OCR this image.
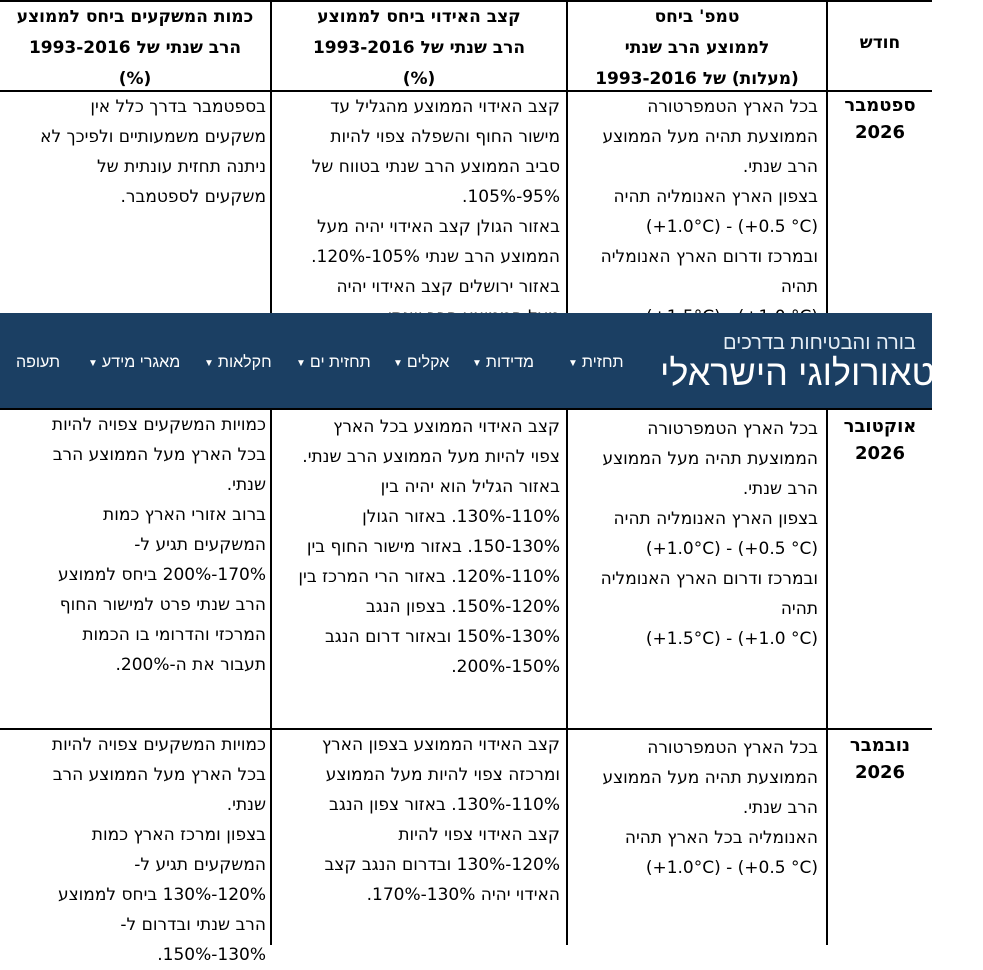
חודש
טמפ' ביחס
לממוצע הרב שנתי
(מעלות) של 1993-2016
קצב האידוי ביחס לממוצע
הרב שנתי של 1993-2016
(%)
כמות המשקעים ביחס לממוצע
הרב שנתי של 1993-2016
(%)
ספטמבר
2026

בכל הארץ הטמפרטורה

הממוצעת תהיה מעל הממוצע

הרב שנתי.

בצפון הארץ האנומליה תהיה

(+1.0°C) - (+0.5 °C)

ובמרכז ודרום הארץ האנומליה

תהיה

קצב האידוי הממוצע מהגליל עד

מישור החוף והשפלה צפוי להיות

סביב הממוצע הרב שנתי בטווח של

95%-105%.

באזור הגולן קצב האידוי יהיה מעל

הממוצע הרב שנתי 105%-120%.

באזור ירושלים קצב האידוי יהיה

בספטמבר בדרך כלל אין

משקעים משמעותיים ולפיכך לא

ניתנה תחזית עונתית של

משקעים לספטמבר.

אוקטובר
2026

בכל הארץ הטמפרטורה

הממוצעת תהיה מעל הממוצע

הרב שנתי.

בצפון הארץ האנומליה תהיה

(+1.0°C) - (+0.5 °C)

ובמרכז ודרום הארץ האנומליה

תהיה

(+1.5°C) - (+1.0 °C)

קצב האידוי הממוצע בכל הארץ

צפוי להיות מעל הממוצע הרב שנתי.

באזור הגליל הוא יהיה בין

110%-130%. באזור הגולן

130%-150. באזור מישור החוף בין

110%-120%. באזור הרי המרכז בין

120%-150%. בצפון הנגב

130%-150% ובאזור דרום הנגב

150%-200%.

כמויות המשקעים צפויה להיות

בכל הארץ מעל הממוצע הרב

שנתי.

ברוב אזורי הארץ כמות

המשקעים תגיע ל-

170%-200% ביחס לממוצע

הרב שנתי פרט למישור החוף

המרכזי והדרומי בו הכמות

תעבור את ה-200%.

נובמבר
2026

בכל הארץ הטמפרטורה

הממוצעת תהיה מעל הממוצע

הרב שנתי.

האנומליה בכל הארץ תהיה

(+1.0°C) - (+0.5 °C)

קצב האידוי הממוצע בצפון הארץ

ומרכזה צפוי להיות מעל הממוצע

110%-130%. באזור צפון הנגב

קצב האידוי צפוי להיות

120%-130% ובדרום הנגב קצב

האידוי יהיה 130%-170%.

כמויות המשקעים צפויה להיות

בכל הארץ מעל הממוצע הרב

שנתי.

בצפון ומרכז הארץ כמות

המשקעים תגיע ל-

120%-130% ביחס לממוצע

הרב שנתי ובדרום ל-

130%-150%.

בורה והבטיחות בדרכים
המטאורולוגי הישראלי
▼ תחזית
▼ מדידות
▼ אקלים
▼ תחזית ים
▼ חקלאות
▼ מאגרי מידע
תעופה
